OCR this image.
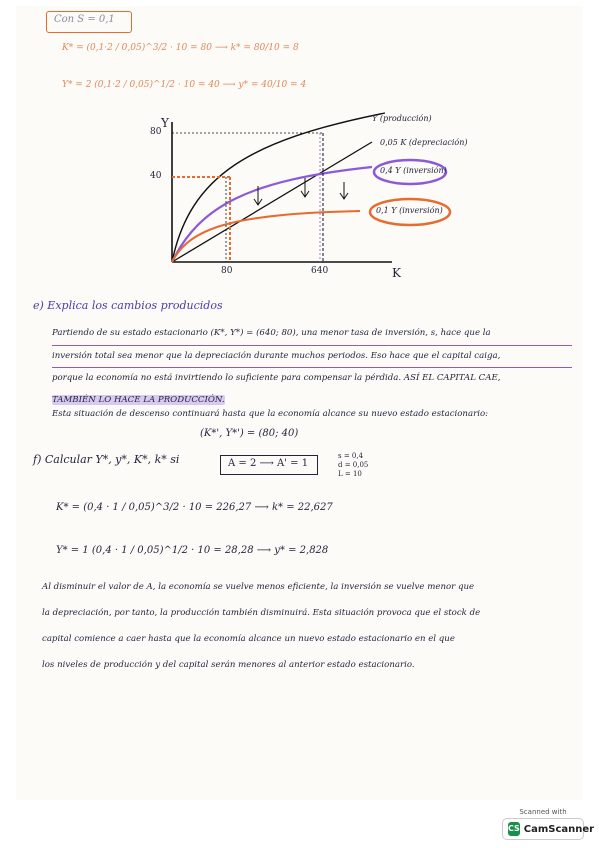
Con S = 0,1
K* = (0,1·2 / 0,05)^3/2 · 10 = 80 ⟶ k* = 80/10 = 8
Y* = 2 (0,1·2 / 0,05)^1/2 · 10 = 40 ⟶ y* = 40/10 = 4
Y
K
80
40
80	640
Y (producción)
0,05 K (depreciación)
0,4 Y (inversión)
0,1 Y (inversión)
e) Explica los cambios producidos
Partiendo de su estado estacionario (K*, Y*) = (640; 80), una menor tasa de inversión, s, hace que la
inversión total sea menor que la depreciación durante muchos periodos. Eso hace que el capital caiga,
porque la economía no está invirtiendo lo suficiente para compensar la pérdida. ASÍ EL CAPITAL CAE,
TAMBIÉN LO HACE LA PRODUCCIÓN.
Esta situación de descenso continuará hasta que la economía alcance su nuevo estado estacionario:
(K*', Y*') = (80; 40)
f) Calcular Y*, y*, K*, k* si	A = 2 ⟶ A' = 1
s = 0,4
d = 0,05
L = 10
K* = (0,4 · 1 / 0,05)^3/2 · 10 = 226,27 ⟶ k* = 22,627
Y* = 1 (0,4 · 1 / 0,05)^1/2 · 10 = 28,28 ⟶ y* = 2,828
Al disminuir el valor de A, la economía se vuelve menos eficiente, la inversión se vuelve menor que
la depreciación, por tanto, la producción también disminuirá. Esta situación provoca que el stock de
capital comience a caer hasta que la economía alcance un nuevo estado estacionario en el que
los niveles de producción y del capital serán menores al anterior estado estacionario.
Scanned with
CS CamScanner
